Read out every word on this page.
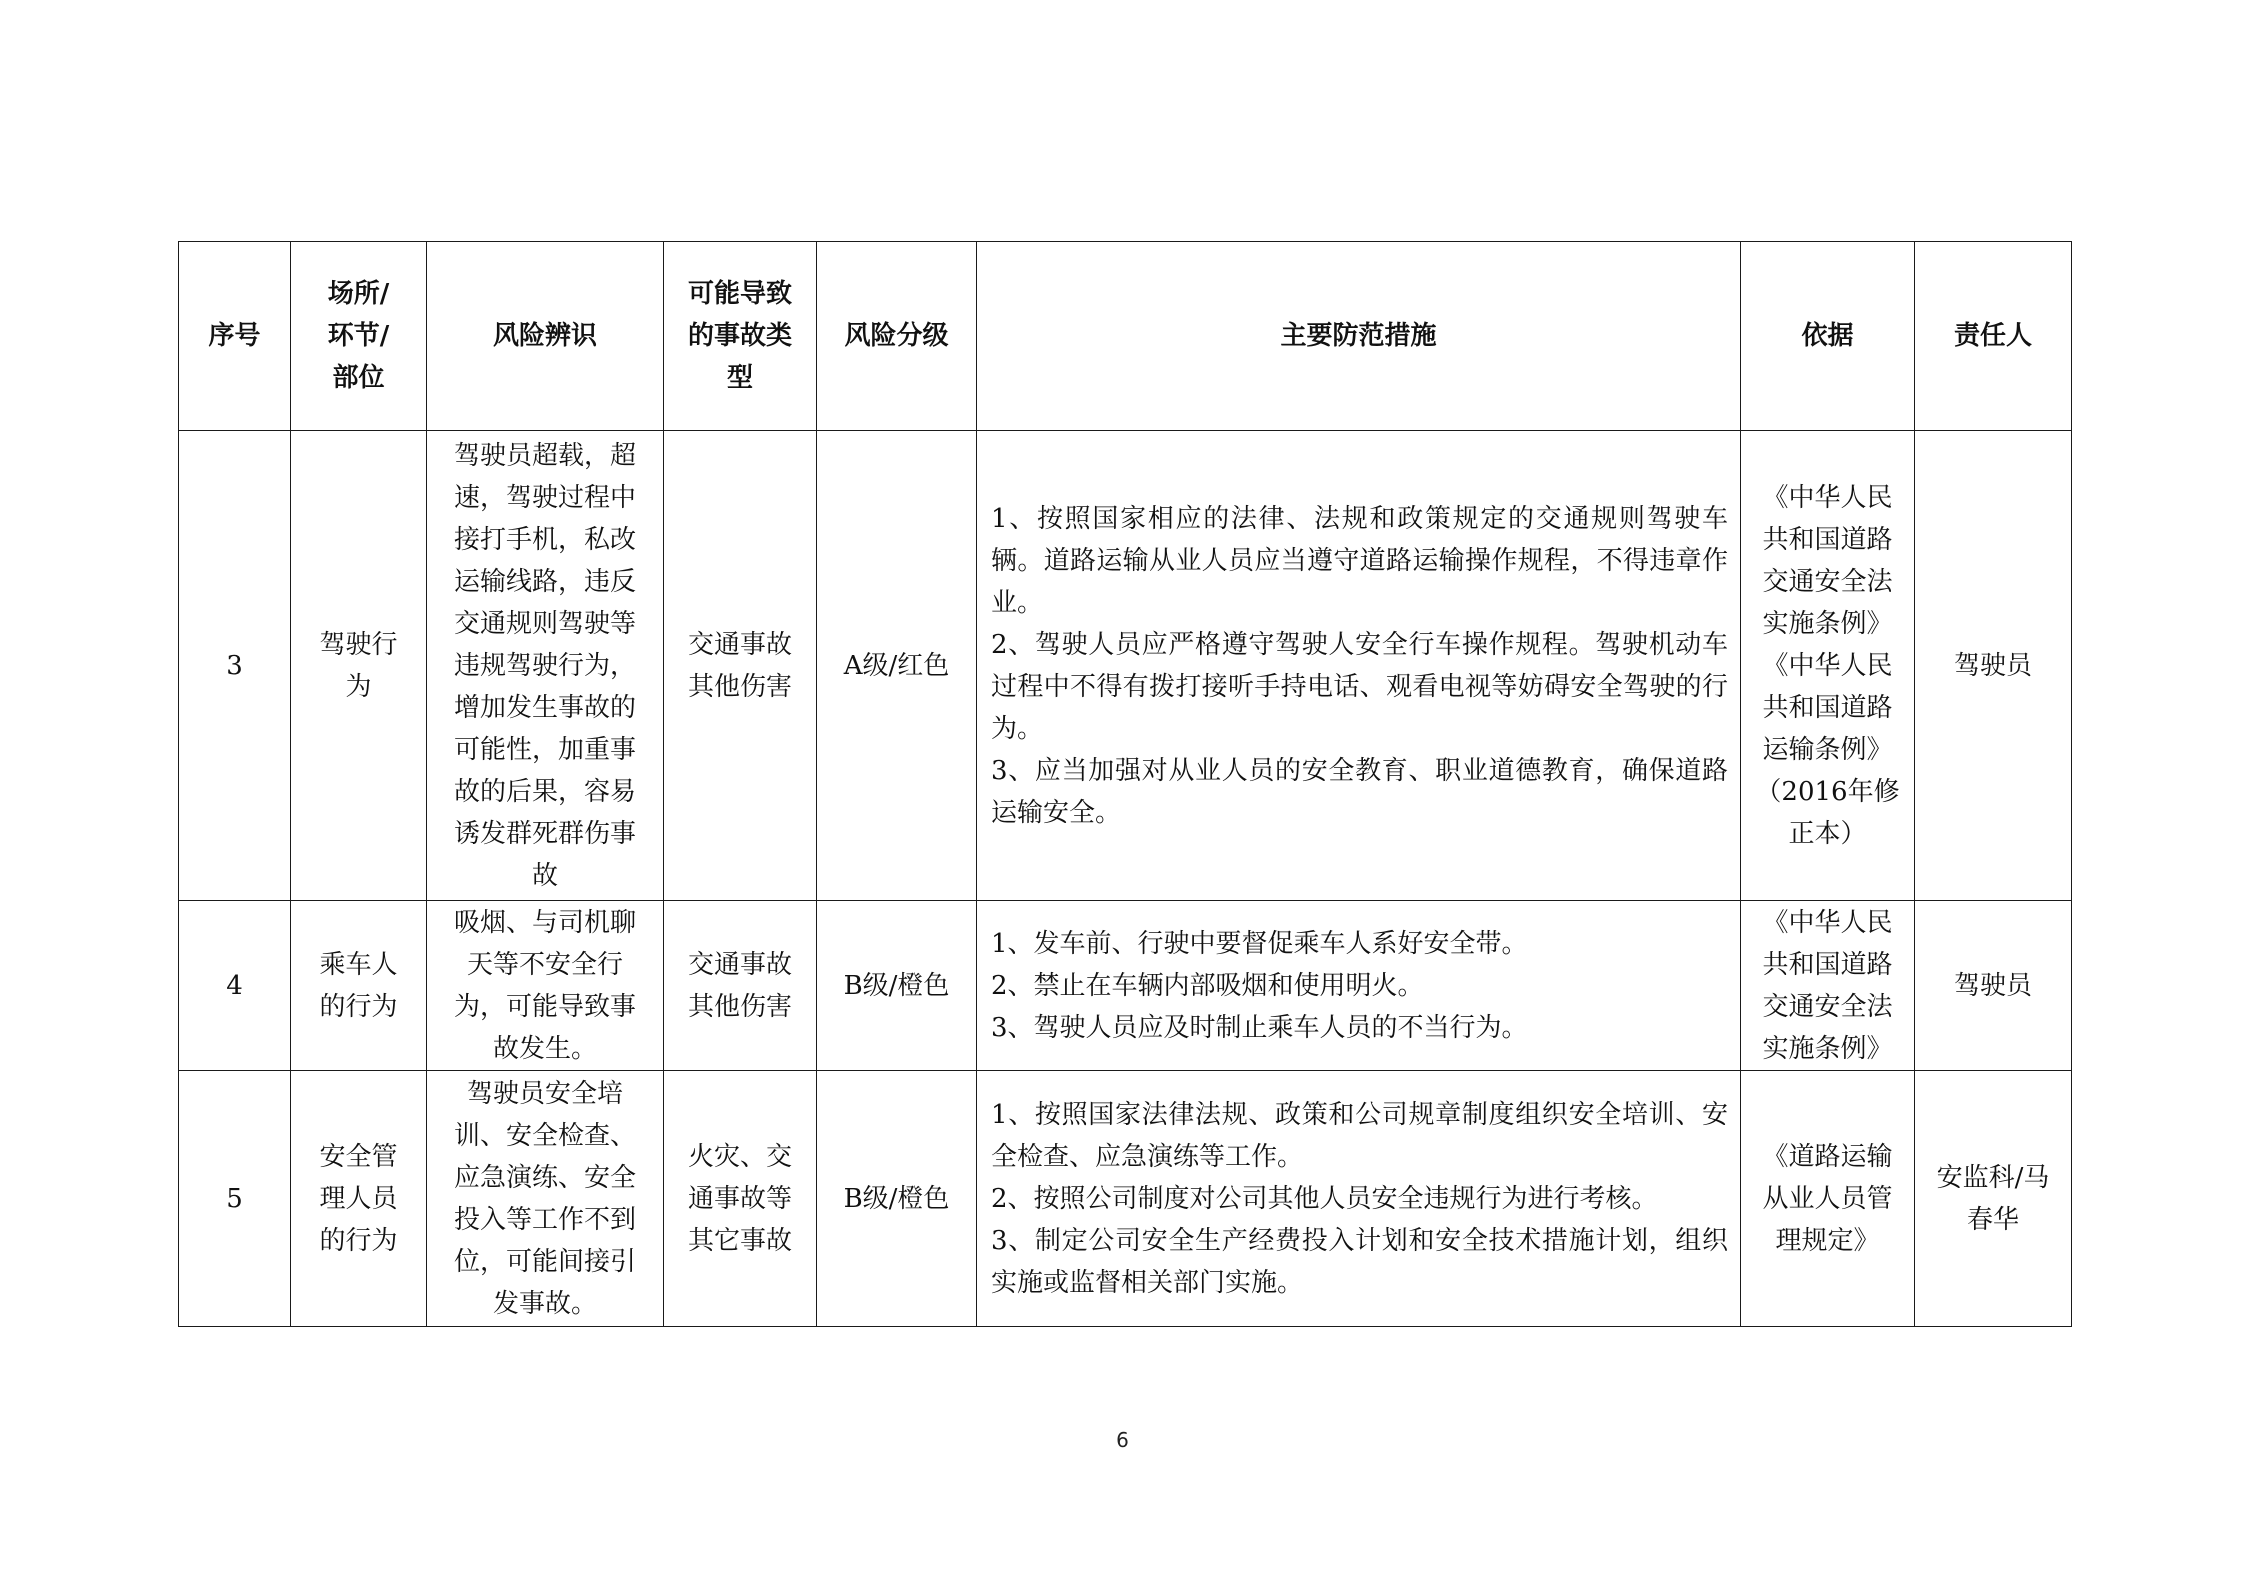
序号	场所/环节/部位	风险辨识	可能导致的事故类型	风险分级	主要防范措施	依据	责任人
3	驾驶行为	驾驶员超载，超速，驾驶过程中接打手机，私改运输线路，违反交通规则驾驶等违规驾驶行为，增加发生事故的可能性，加重事故的后果，容易诱发群死群伤事故	交通事故其他伤害	A级/红色	1、按照国家相应的法律、法规和政策规定的交通规则驾驶车辆。道路运输从业人员应当遵守道路运输操作规程，不得违章作业。
2、驾驶人员应严格遵守驾驶人安全行车操作规程。驾驶机动车过程中不得有拨打接听手持电话、观看电视等妨碍安全驾驶的行为。
3、应当加强对从业人员的安全教育、职业道德教育，确保道路运输安全。	《中华人民共和国道路交通安全法实施条例》《中华人民共和国道路运输条例》（2016年修正本）	驾驶员
4	乘车人的行为	吸烟、与司机聊天等不安全行为，可能导致事故发生。	交通事故其他伤害	B级/橙色	1、发车前、行驶中要督促乘车人系好安全带。
2、禁止在车辆内部吸烟和使用明火。
3、驾驶人员应及时制止乘车人员的不当行为。	《中华人民共和国道路交通安全法实施条例》	驾驶员
5	安全管理人员的行为	驾驶员安全培训、安全检查、应急演练、安全投入等工作不到位，可能间接引发事故。	火灾、交通事故等其它事故	B级/橙色	1、按照国家法律法规、政策和公司规章制度组织安全培训、安全检查、应急演练等工作。
2、按照公司制度对公司其他人员安全违规行为进行考核。
3、制定公司安全生产经费投入计划和安全技术措施计划，组织实施或监督相关部门实施。	《道路运输从业人员管理规定》	安监科/马春华
6
